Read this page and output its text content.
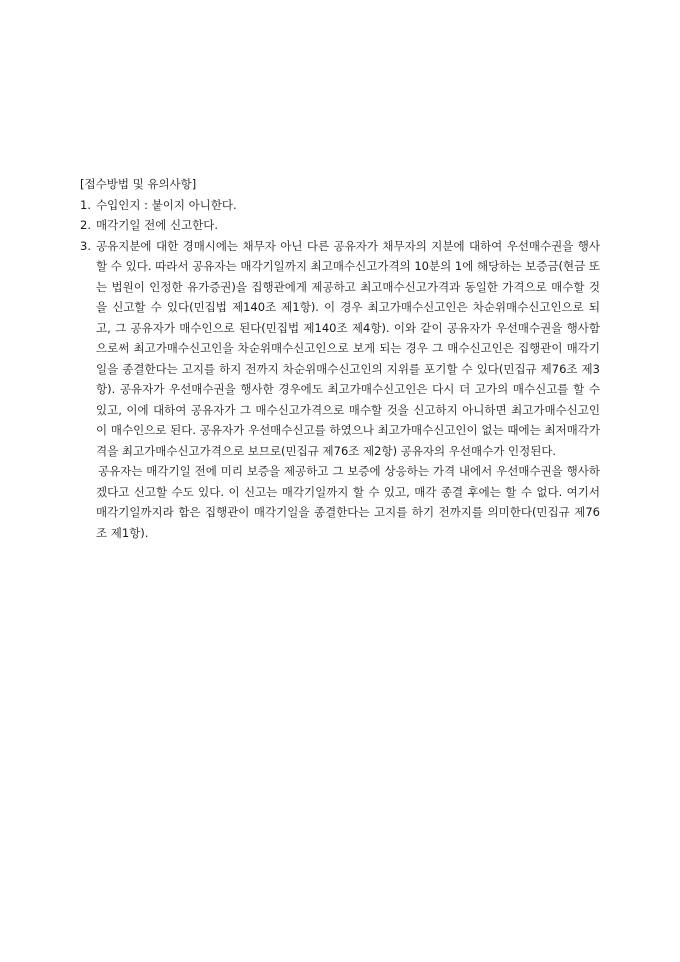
[접수방법 및 유의사항]
1. 수입인지 : 붙이지 아니한다.
2. 매각기일 전에 신고한다.
3. 공유지분에 대한 경매시에는 채무자 아닌 다른 공유자가 채무자의 지분에 대하여 우선매수권을 행사할 수 있다. 따라서 공유자는 매각기일까지 최고매수신고가격의 10분의 1에 해당하는 보증금(현금 또는 법원이 인정한 유가증권)을 집행관에게 제공하고 최고매수신고가격과 동일한 가격으로 매수할 것을 신고할 수 있다(민집법 제140조 제1항). 이 경우 최고가매수신고인은 차순위매수신고인으로 되고, 그 공유자가 매수인으로 된다(민집법 제140조 제4항). 이와 같이 공유자가 우선매수권을 행사함으로써 최고가매수신고인을 차순위매수신고인으로 보게 되는 경우 그 매수신고인은 집행관이 매각기일을 종결한다는 고지를 하지 전까지 차순위매수신고인의 지위를 포기할 수 있다(민집규 제76조 제3항). 공유자가 우선매수권을 행사한 경우에도 최고가매수신고인은 다시 더 고가의 매수신고를 할 수 있고, 이에 대하여 공유자가 그 매수신고가격으로 매수할 것을 신고하지 아니하면 최고가매수신고인이 매수인으로 된다. 공유자가 우선매수신고를 하였으나 최고가매수신고인이 없는 때에는 최저매각가격을 최고가매수신고가격으로 보므로(민집규 제76조 제2항) 공유자의 우선매수가 인정된다.
공유자는 매각기일 전에 미리 보증을 제공하고 그 보증에 상응하는 가격 내에서 우선매수권을 행사하겠다고 신고할 수도 있다. 이 신고는 매각기일까지 할 수 있고, 매각 종결 후에는 할 수 없다. 여기서 매각기일까지라 함은 집행관이 매각기일을 종결한다는 고지를 하기 전까지를 의미한다(민집규 제76조 제1항).
